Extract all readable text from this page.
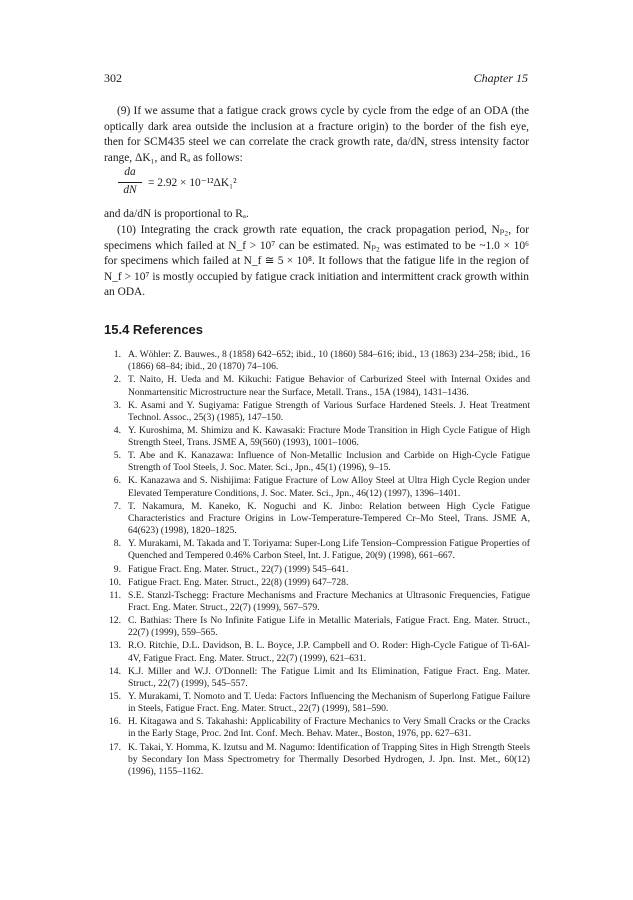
302	Chapter 15
(9) If we assume that a fatigue crack grows cycle by cycle from the edge of an ODA (the optically dark area outside the inclusion at a fracture origin) to the border of the fish eye, then for SCM435 steel we can correlate the crack growth rate, da/dN, stress intensity factor range, ΔK₁, and Rₐ as follows:
da
dN
= 2.92 × 10⁻¹²ΔK₁²
and da/dN is proportional to Rₐ.
(10) Integrating the crack growth rate equation, the crack propagation period, Nₚ₂, for specimens which failed at N_f > 10⁷ can be estimated. Nₚ₂ was estimated to be ~1.0 × 10⁶ for specimens which failed at N_f ≅ 5 × 10⁸. It follows that the fatigue life in the region of N_f > 10⁷ is mostly occupied by fatigue crack initiation and intermittent crack growth within an ODA.
15.4 References
1. A. Wöhler: Z. Bauwes., 8 (1858) 642–652; ibid., 10 (1860) 584–616; ibid., 13 (1863) 234–258; ibid., 16 (1866) 68–84; ibid., 20 (1870) 74–106.
2. T. Naito, H. Ueda and M. Kikuchi: Fatigue Behavior of Carburized Steel with Internal Oxides and Nonmartensitic Microstructure near the Surface, Metall. Trans., 15A (1984), 1431–1436.
3. K. Asami and Y. Sugiyama: Fatigue Strength of Various Surface Hardened Steels. J. Heat Treatment Technol. Assoc., 25(3) (1985), 147–150.
4. Y. Kuroshima, M. Shimizu and K. Kawasaki: Fracture Mode Transition in High Cycle Fatigue of High Strength Steel, Trans. JSME A, 59(560) (1993), 1001–1006.
5. T. Abe and K. Kanazawa: Influence of Non-Metallic Inclusion and Carbide on High-Cycle Fatigue Strength of Tool Steels, J. Soc. Mater. Sci., Jpn., 45(1) (1996), 9–15.
6. K. Kanazawa and S. Nishijima: Fatigue Fracture of Low Alloy Steel at Ultra High Cycle Region under Elevated Temperature Conditions, J. Soc. Mater. Sci., Jpn., 46(12) (1997), 1396–1401.
7. T. Nakamura, M. Kaneko, K. Noguchi and K. Jinbo: Relation between High Cycle Fatigue Characteristics and Fracture Origins in Low-Temperature-Tempered Cr–Mo Steel, Trans. JSME A, 64(623) (1998), 1820–1825.
8. Y. Murakami, M. Takada and T. Toriyama: Super-Long Life Tension–Compression Fatigue Properties of Quenched and Tempered 0.46% Carbon Steel, Int. J. Fatigue, 20(9) (1998), 661–667.
9. Fatigue Fract. Eng. Mater. Struct., 22(7) (1999) 545–641.
10. Fatigue Fract. Eng. Mater. Struct., 22(8) (1999) 647–728.
11. S.E. Stanzl-Tschegg: Fracture Mechanisms and Fracture Mechanics at Ultrasonic Frequencies, Fatigue Fract. Eng. Mater. Struct., 22(7) (1999), 567–579.
12. C. Bathias: There Is No Infinite Fatigue Life in Metallic Materials, Fatigue Fract. Eng. Mater. Struct., 22(7) (1999), 559–565.
13. R.O. Ritchie, D.L. Davidson, B. L. Boyce, J.P. Campbell and O. Roder: High-Cycle Fatigue of Ti-6Al-4V, Fatigue Fract. Eng. Mater. Struct., 22(7) (1999), 621–631.
14. K.J. Miller and W.J. O'Donnell: The Fatigue Limit and Its Elimination, Fatigue Fract. Eng. Mater. Struct., 22(7) (1999), 545–557.
15. Y. Murakami, T. Nomoto and T. Ueda: Factors Influencing the Mechanism of Superlong Fatigue Failure in Steels, Fatigue Fract. Eng. Mater. Struct., 22(7) (1999), 581–590.
16. H. Kitagawa and S. Takahashi: Applicability of Fracture Mechanics to Very Small Cracks or the Cracks in the Early Stage, Proc. 2nd Int. Conf. Mech. Behav. Mater., Boston, 1976, pp. 627–631.
17. K. Takai, Y. Homma, K. Izutsu and M. Nagumo: Identification of Trapping Sites in High Strength Steels by Secondary Ion Mass Spectrometry for Thermally Desorbed Hydrogen, J. Jpn. Inst. Met., 60(12) (1996), 1155–1162.
